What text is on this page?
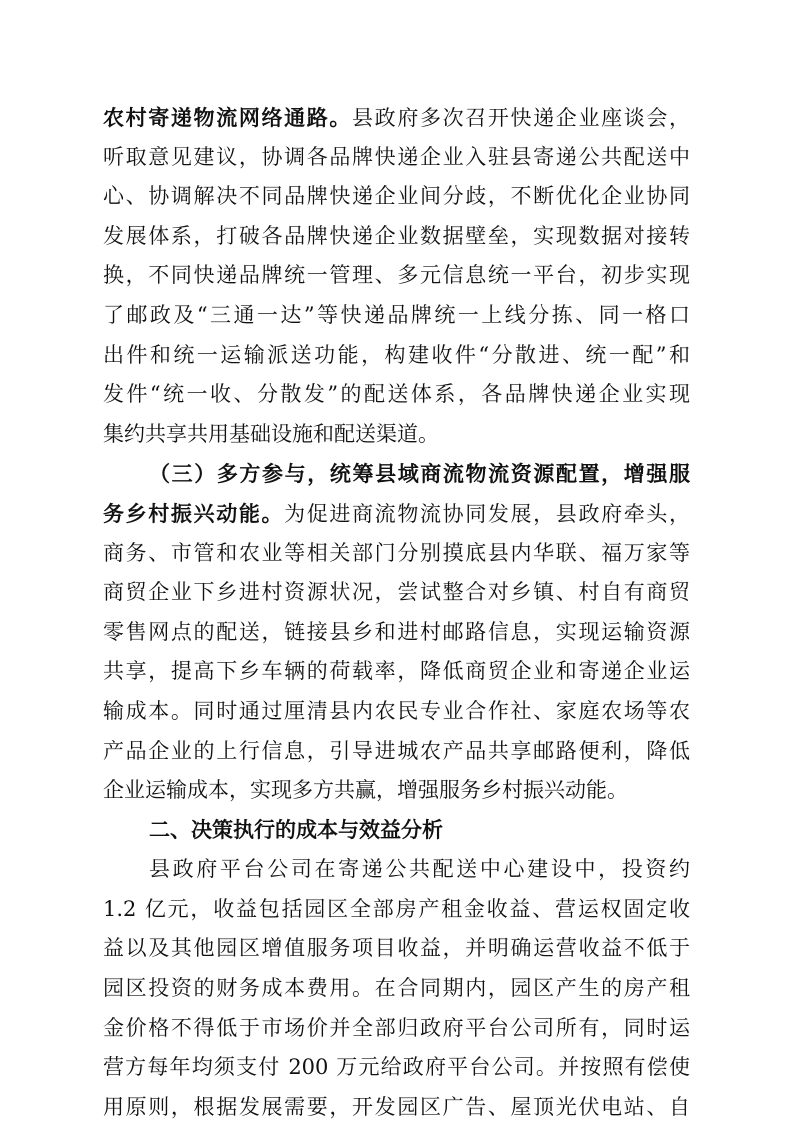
农村寄递物流网络通路。县政府多次召开快递企业座谈会，
听取意见建议，协调各品牌快递企业入驻县寄递公共配送中
心、协调解决不同品牌快递企业间分歧，不断优化企业协同
发展体系，打破各品牌快递企业数据壁垒，实现数据对接转
换，不同快递品牌统一管理、多元信息统一平台，初步实现
了邮政及“三通一达”等快递品牌统一上线分拣、同一格口
出件和统一运输派送功能，构建收件“分散进、统一配”和
发件“统一收、分散发”的配送体系，各品牌快递企业实现
集约共享共用基础设施和配送渠道。
（三）多方参与，统筹县域商流物流资源配置，增强服
务乡村振兴动能。为促进商流物流协同发展，县政府牵头，
商务、市管和农业等相关部门分别摸底县内华联、福万家等
商贸企业下乡进村资源状况，尝试整合对乡镇、村自有商贸
零售网点的配送，链接县乡和进村邮路信息，实现运输资源
共享，提高下乡车辆的荷载率，降低商贸企业和寄递企业运
输成本。同时通过厘清县内农民专业合作社、家庭农场等农
产品企业的上行信息，引导进城农产品共享邮路便利，降低
企业运输成本，实现多方共赢，增强服务乡村振兴动能。
二、决策执行的成本与效益分析
县政府平台公司在寄递公共配送中心建设中，投资约
1.2 亿元，收益包括园区全部房产租金收益、营运权固定收
益以及其他园区增值服务项目收益，并明确运营收益不低于
园区投资的财务成本费用。在合同期内，园区产生的房产租
金价格不得低于市场价并全部归政府平台公司所有，同时运
营方每年均须支付 200 万元给政府平台公司。并按照有偿使
用原则，根据发展需要，开发园区广告、屋顶光伏电站、自
